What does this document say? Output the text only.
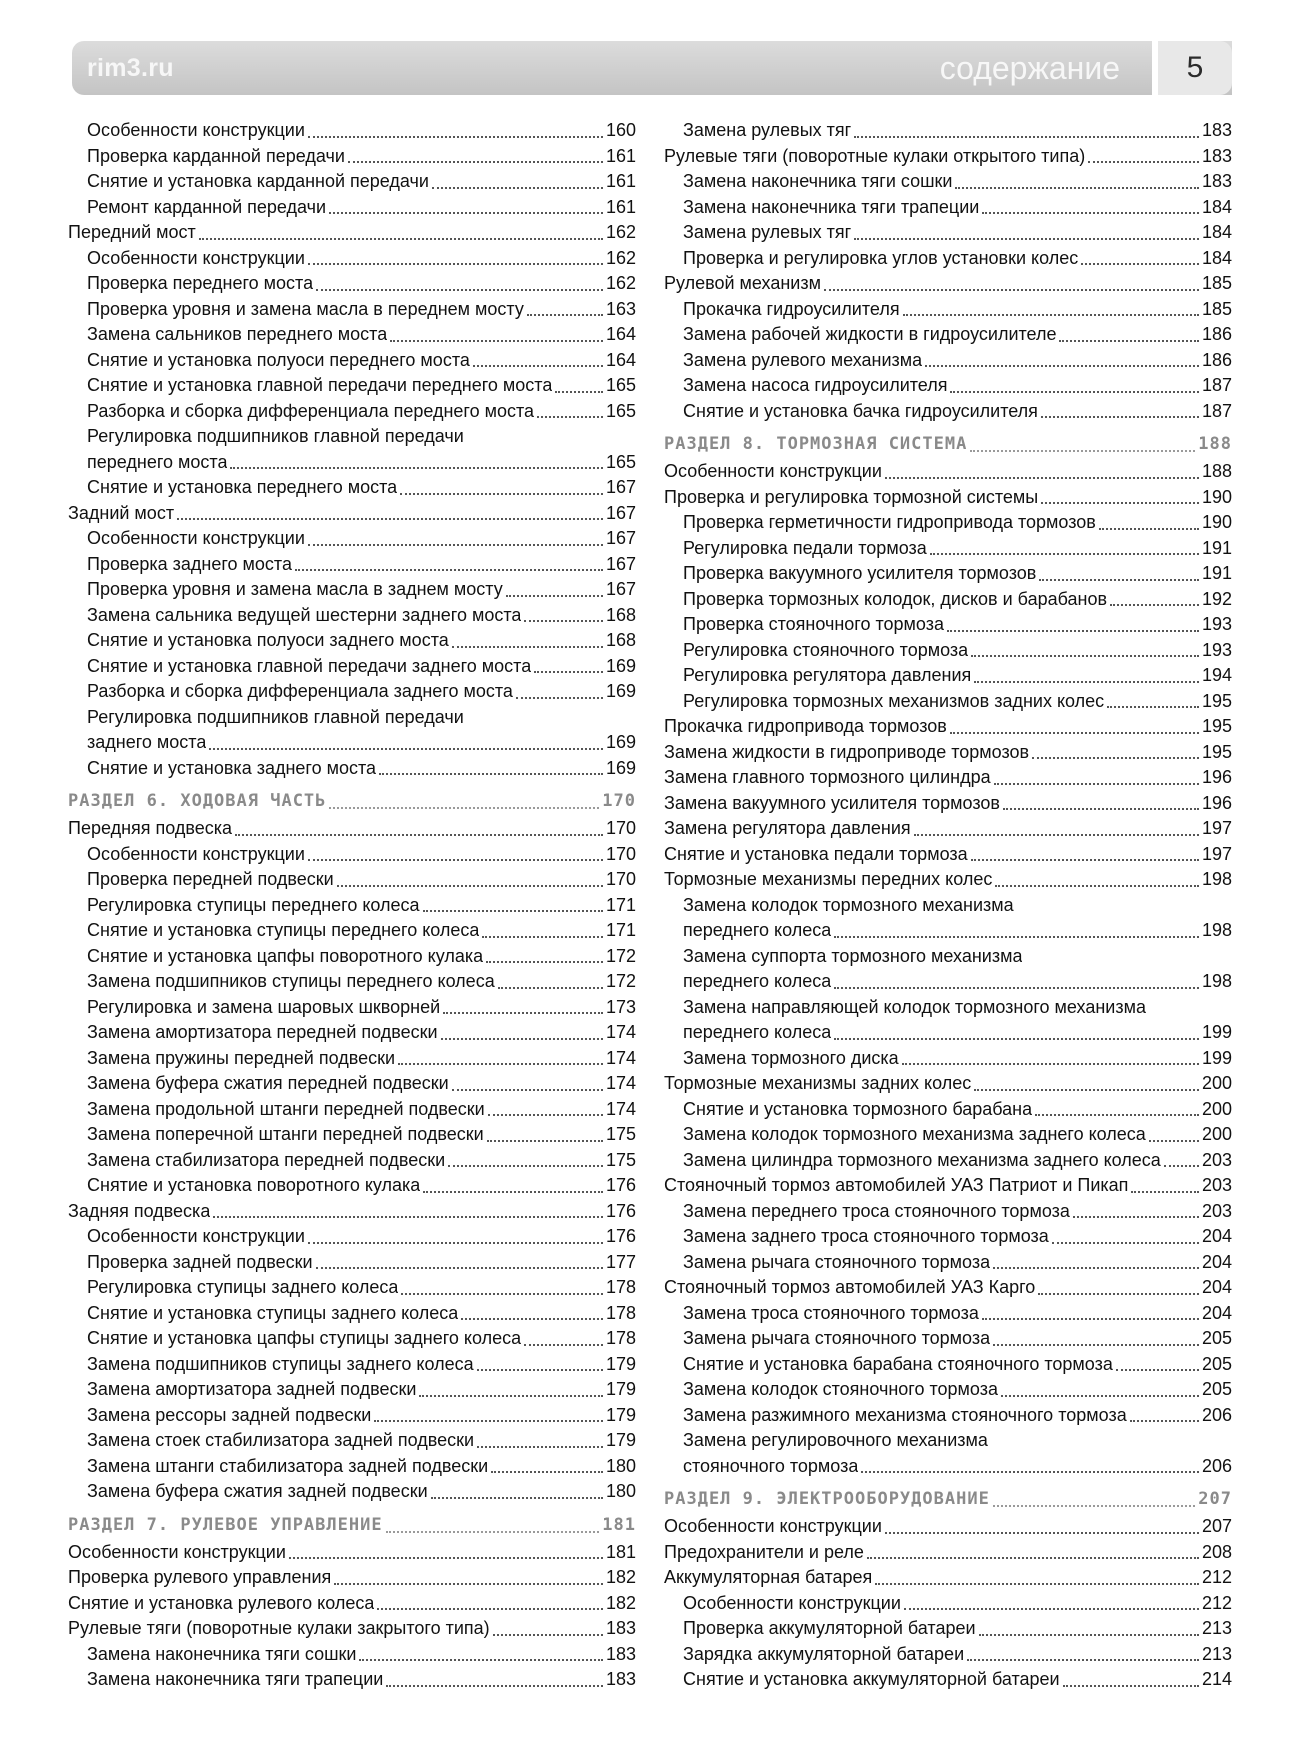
rim3.ru	содержание 5
Особенности конструкции	160
Проверка карданной передачи	161
Снятие и установка карданной передачи	161
Ремонт карданной передачи	161
Передний мост	162
Особенности конструкции	162
Проверка переднего моста	162
Проверка уровня и замена масла в переднем мосту	163
Замена сальников переднего моста	164
Снятие и установка полуоси переднего моста	164
Снятие и установка главной передачи переднего моста	165
Разборка и сборка дифференциала переднего моста	165
Регулировка подшипников главной передачи
переднего моста	165
Снятие и установка переднего моста	167
Задний мост	167
Особенности конструкции	167
Проверка заднего моста	167
Проверка уровня и замена масла в заднем мосту	167
Замена сальника ведущей шестерни заднего моста	168
Снятие и установка полуоси заднего моста	168
Снятие и установка главной передачи заднего моста	169
Разборка и сборка дифференциала заднего моста	169
Регулировка подшипников главной передачи
заднего моста	169
Снятие и установка заднего моста	169
РАЗДЕЛ 6. ХОДОВАЯ ЧАСТЬ	170
Передняя подвеска	170
Особенности конструкции	170
Проверка передней подвески	170
Регулировка ступицы переднего колеса	171
Снятие и установка ступицы переднего колеса	171
Снятие и установка цапфы поворотного кулака	172
Замена подшипников ступицы переднего колеса	172
Регулировка и замена шаровых шкворней	173
Замена амортизатора передней подвески	174
Замена пружины передней подвески	174
Замена буфера сжатия передней подвески	174
Замена продольной штанги передней подвески	174
Замена поперечной штанги передней подвески	175
Замена стабилизатора передней подвески	175
Снятие и установка поворотного кулака	176
Задняя подвеска	176
Особенности конструкции	176
Проверка задней подвески	177
Регулировка ступицы заднего колеса	178
Снятие и установка ступицы заднего колеса	178
Снятие и установка цапфы ступицы заднего колеса	178
Замена подшипников ступицы заднего колеса	179
Замена амортизатора задней подвески	179
Замена рессоры задней подвески	179
Замена стоек стабилизатора задней подвески	179
Замена штанги стабилизатора задней подвески	180
Замена буфера сжатия задней подвески	180
РАЗДЕЛ 7. РУЛЕВОЕ УПРАВЛЕНИЕ	181
Особенности конструкции	181
Проверка рулевого управления	182
Снятие и установка рулевого колеса	182
Рулевые тяги (поворотные кулаки закрытого типа)	183
Замена наконечника тяги сошки	183
Замена наконечника тяги трапеции	183
Замена рулевых тяг	183
Рулевые тяги (поворотные кулаки открытого типа)	183
Замена наконечника тяги сошки	183
Замена наконечника тяги трапеции	184
Замена рулевых тяг	184
Проверка и регулировка углов установки колес	184
Рулевой механизм	185
Прокачка гидроусилителя	185
Замена рабочей жидкости в гидроусилителе	186
Замена рулевого механизма	186
Замена насоса гидроусилителя	187
Снятие и установка бачка гидроусилителя	187
РАЗДЕЛ 8. ТОРМОЗНАЯ СИСТЕМА	188
Особенности конструкции	188
Проверка и регулировка тормозной системы	190
Проверка герметичности гидропривода тормозов	190
Регулировка педали тормоза	191
Проверка вакуумного усилителя тормозов	191
Проверка тормозных колодок, дисков и барабанов	192
Проверка стояночного тормоза	193
Регулировка стояночного тормоза	193
Регулировка регулятора давления	194
Регулировка тормозных механизмов задних колес	195
Прокачка гидропривода тормозов	195
Замена жидкости в гидроприводе тормозов	195
Замена главного тормозного цилиндра	196
Замена вакуумного усилителя тормозов	196
Замена регулятора давления	197
Снятие и установка педали тормоза	197
Тормозные механизмы передних колес	198
Замена колодок тормозного механизма
переднего колеса	198
Замена суппорта тормозного механизма
переднего колеса	198
Замена направляющей колодок тормозного механизма
переднего колеса	199
Замена тормозного диска	199
Тормозные механизмы задних колес	200
Снятие и установка тормозного барабана	200
Замена колодок тормозного механизма заднего колеса	200
Замена цилиндра тормозного механизма заднего колеса 203
Стояночный тормоз автомобилей УАЗ Патриот и Пикап	203
Замена переднего троса стояночного тормоза	203
Замена заднего троса стояночного тормоза	204
Замена рычага стояночного тормоза	204
Стояночный тормоз автомобилей УАЗ Карго	204
Замена троса стояночного тормоза	204
Замена рычага стояночного тормоза	205
Снятие и установка барабана стояночного тормоза	205
Замена колодок стояночного тормоза	205
Замена разжимного механизма стояночного тормоза	206
Замена регулировочного механизма
стояночного тормоза	206
РАЗДЕЛ 9. ЭЛЕКТРООБОРУДОВАНИЕ	207
Особенности конструкции	207
Предохранители и реле	208
Аккумуляторная батарея	212
Особенности конструкции	212
Проверка аккумуляторной батареи	213
Зарядка аккумуляторной батареи	213
Снятие и установка аккумуляторной батареи	214
